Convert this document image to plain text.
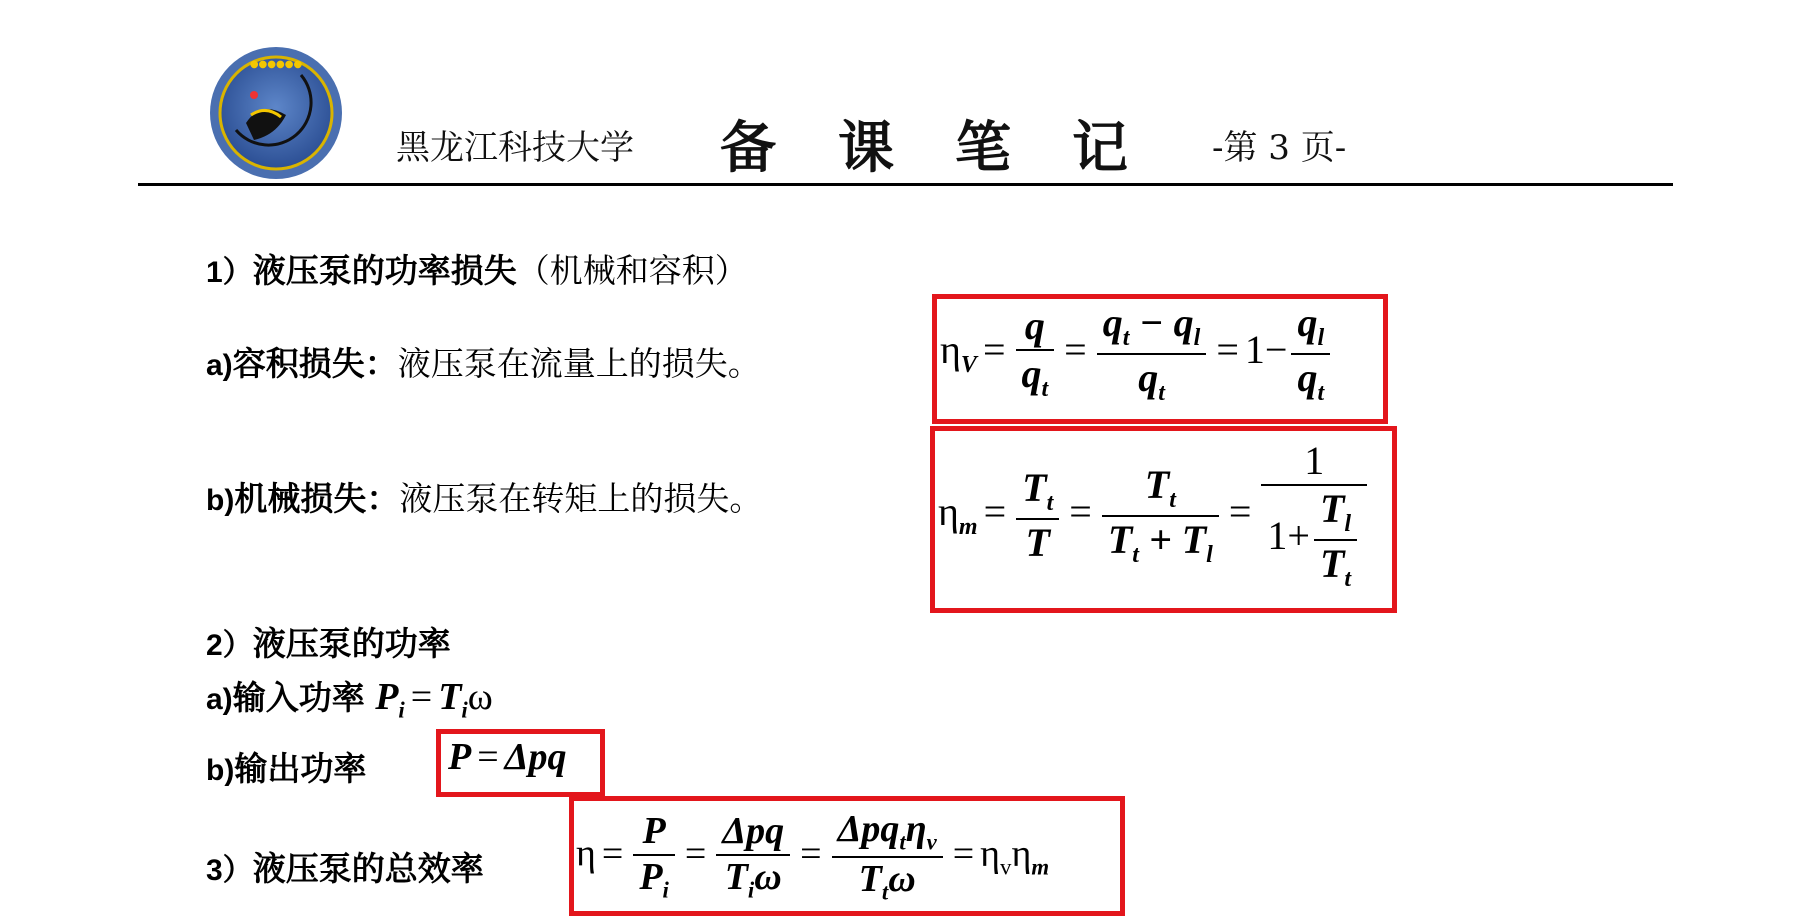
●●●●●●
黑龙江科技大学 备 课 笔 记 -第 3 页-
1）液压泵的功率损失（机械和容积）
a)容积损失：液压泵在流量上的损失。
b)机械损失：液压泵在转矩上的损失。
$\eta_V = \frac{q}{q_t} = \frac{q_t - q_l}{q_t} = 1- \frac{q_l}{q_t}$
$\eta_m = \frac{T_t}{T} = \frac{T_t}{T_t + T_l} = \frac{1}{1+ \frac{T_l}{T_t}}$
2）液压泵的功率
a)输入功率 $P_i = T_i\omega$
b)输出功率 P = Δpq
3）液压泵的总效率 $\eta = \frac{P}{P_i} = \frac{\text{Δpq}}{T_i\omega} = \frac{\Delta pq_t\eta_v}{T_t\omega} = \eta_v\eta_m$
